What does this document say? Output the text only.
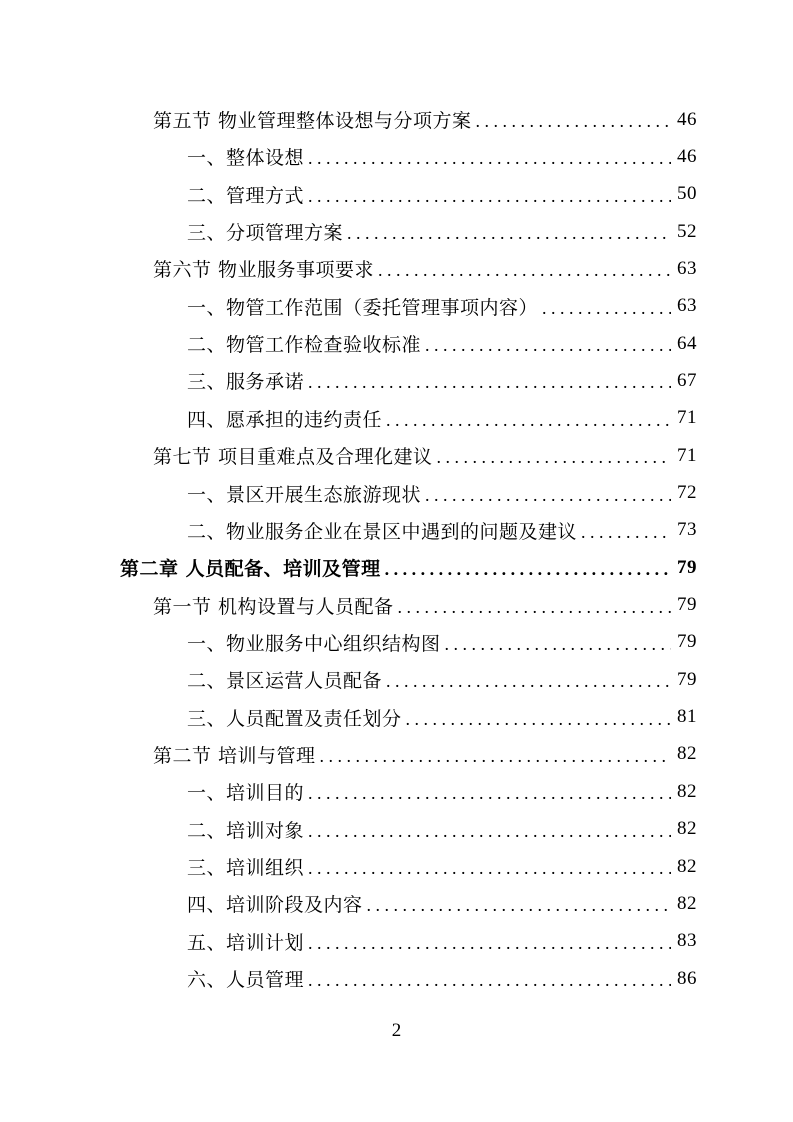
第五节 物业管理整体设想与分项方案 . . .	46
一、整体设想 . . .	46
二、管理方式 . . .	50
三、分项管理方案 . . .	52
第六节 物业服务事项要求 . . .	63
一、物管工作范围（委托管理事项内容） . . .	63
二、物管工作检查验收标准 . . .	64
三、服务承诺 . . .	67
四、愿承担的违约责任 . . .	71
第七节 项目重难点及合理化建议 . . .	71
一、景区开展生态旅游现状 . . .	72
二、物业服务企业在景区中遇到的问题及建议 . . .	73
第二章 人员配备、培训及管理 . . .	79
第一节 机构设置与人员配备 . . .	79
一、物业服务中心组织结构图 . . .	79
二、景区运营人员配备 . . .	79
三、人员配置及责任划分 . . .	81
第二节 培训与管理 . . .	82
一、培训目的 . . .	82
二、培训对象 . . .	82
三、培训组织 . . .	82
四、培训阶段及内容 . . .	82
五、培训计划 . . .	83
六、人员管理 . . .	86
2
